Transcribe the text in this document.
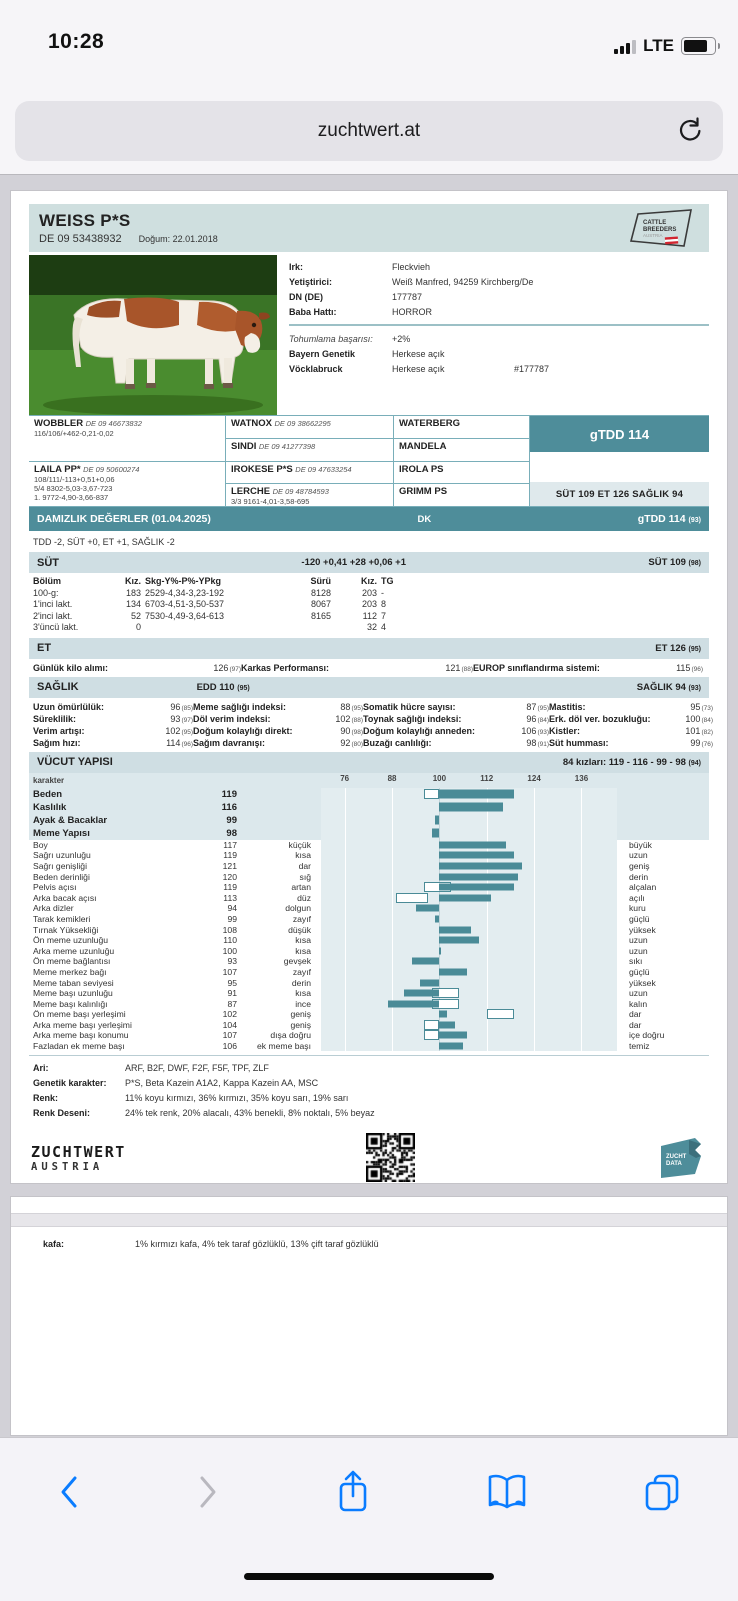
10:28	LTE
zuchtwert.at
WEISS P*S
DE 09 53438932 Doğum: 22.01.2018
CATTLE
BREEDERS
AUSTRIA
Irk:	Fleckvieh
Yetiştirici:	Weiß Manfred, 94259 Kirchberg/De
DN (DE)	177787
Baba Hattı:	HORROR
Tohumlama başarısı:	+2%
Bayern Genetik	Herkese açık
Vöcklabruck	Herkese açık	#177787
WOBBLER DE 09 46673832
116/106/+462-0,21-0,02
LAILA PP* DE 09 50600274
108/111/-113+0,51+0,06
5/4 8302-5,03-3,67-723
1. 9772-4,90-3,66-837
WATNOX DE 09 38662295
SINDI DE 09 41277398
IROKESE P*S DE 09 47633254
LERCHE DE 09 48784593
3/3 9161-4,01-3,58-695
WATERBERG
MANDELA
IROLA PS
GRIMM PS
gTDD 114
SÜT 109 ET 126 SAĞLIK 94
DAMIZLIK DEĞERLER (01.04.2025)	DK	gTDD 114 (93)
TDD -2, SÜT +0, ET +1, SAĞLIK -2
SÜT	-120 +0,41 +28 +0,06 +1	SÜT 109 (98)
Bölüm	Kız. Skg-Y%-P%-YPkg	Sürü	Kız. TG
100-g:	183 2529-4,34-3,23-192	8128	203 -
1'inci lakt.	134 6703-4,51-3,50-537	8067	203 8
2'inci lakt.	52 7530-4,49-3,64-613	8165	112 7
3'üncü lakt.	0	32 4
ET	ET 126 (95)
Günlük kilo alımı:	126(97) Karkas Performansı:	121(88) EUROP sınıflandırma sistemi:	115(96)
SAĞLIK	EDD 110 (95)	SAĞLIK 94 (93)
Uzun ömürlülük:	96(85) Meme sağlığı indeksi:	88(95) Somatik hücre sayısı:	87(95) Mastitis:	95(73)
Süreklilik:	93(97) Döl verim indeksi:	102(88) Toynak sağlığı indeksi:	96(84) Erk. döl ver. bozukluğu:	100(84)
Verim artışı:	102(95) Doğum kolaylığı direkt:	90(98) Doğum kolaylığı anneden:	106(93) Kistler:	101(82)
Sağım hızı:	114(96) Sağım davranışı:	92(80) Buzağı canlılığı:	98(91) Süt humması:	99(76)
VÜCUT YAPISI	84 kızları: 119 - 116 - 99 - 98 (94)
karakter	76	88	100	112	124	136
Beden	119
Kaslılık	116
Ayak & Bacaklar	99
Meme Yapısı	98
Boy	117	küçük	büyük
Sağrı uzunluğu	119	kısa	uzun
Sağrı genişliği	121	dar	geniş
Beden derinliği	120	sığ	derin
Pelvis açısı	119	artan	alçalan
Arka bacak açısı	113	düz	açılı
Arka dizler	94	dolgun	kuru
Tarak kemikleri	99	zayıf	güçlü
Tırnak Yüksekliği	108	düşük	yüksek
Ön meme uzunluğu	110	kısa	uzun
Arka meme uzunluğu	100	kısa	uzun
Ön meme bağlantısı	93	gevşek	sıkı
Meme merkez bağı	107	zayıf	güçlü
Meme taban seviyesi	95	derin	yüksek
Meme başı uzunluğu	91	kısa	uzun
Meme başı kalınlığı	87	ince	kalın
Ön meme başı yerleşimi	102	geniş	dar
Arka meme başı yerleşimi	104	geniş	dar
Arka meme başı konumu	107	dışa doğru	içe doğru
Fazladan ek meme başı	106	ek meme başı	temiz
Ari:	ARF, B2F, DWF, F2F, F5F, TPF, ZLF
Genetik karakter:	P*S, Beta Kazein A1A2, Kappa Kazein AA, MSC
Renk:	11% koyu kırmızı, 36% kırmızı, 35% koyu sarı, 19% sarı
Renk Deseni:	24% tek renk, 20% alacalı, 43% benekli, 8% noktalı, 5% beyaz
ZUCHTWERT
AUSTRIA
ZUCHT
DATA
kafa:	1% kırmızı kafa, 4% tek taraf gözlüklü, 13% çift taraf gözlüklü
